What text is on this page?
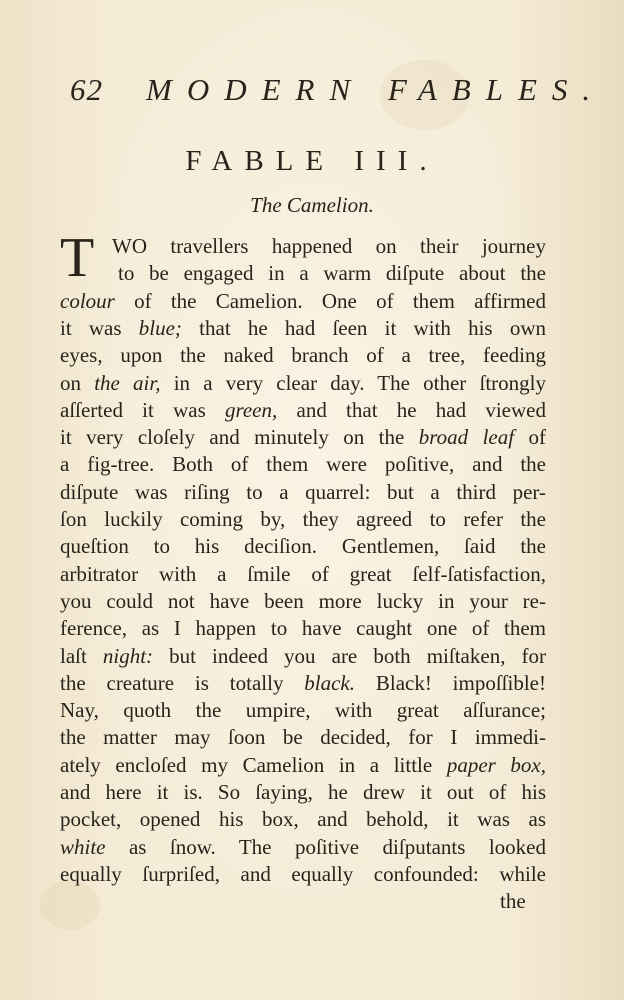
62 MODERN FABLES.
FABLE III.
The Camelion.
T WO travellers happened on their journey
to be engaged in a warm diſpute about the
colour of the Camelion. One of them affirmed
it was blue; that he had ſeen it with his own
eyes, upon the naked branch of a tree, feeding
on the air, in a very clear day. The other ſtrongly
aſſerted it was green, and that he had viewed
it very cloſely and minutely on the broad leaf of
a fig-tree. Both of them were poſitive, and the
diſpute was riſing to a quarrel: but a third per-
ſon luckily coming by, they agreed to refer the
queſtion to his deciſion. Gentlemen, ſaid the
arbitrator with a ſmile of great ſelf-ſatisfaction,
you could not have been more lucky in your re-
ference, as I happen to have caught one of them
laſt night: but indeed you are both miſtaken, for
the creature is totally black. Black! impoſſible!
Nay, quoth the umpire, with great aſſurance;
the matter may ſoon be decided, for I immedi-
ately encloſed my Camelion in a little paper box,
and here it is. So ſaying, he drew it out of his
pocket, opened his box, and behold, it was as
white as ſnow. The poſitive diſputants looked
equally ſurpriſed, and equally confounded: while
the
